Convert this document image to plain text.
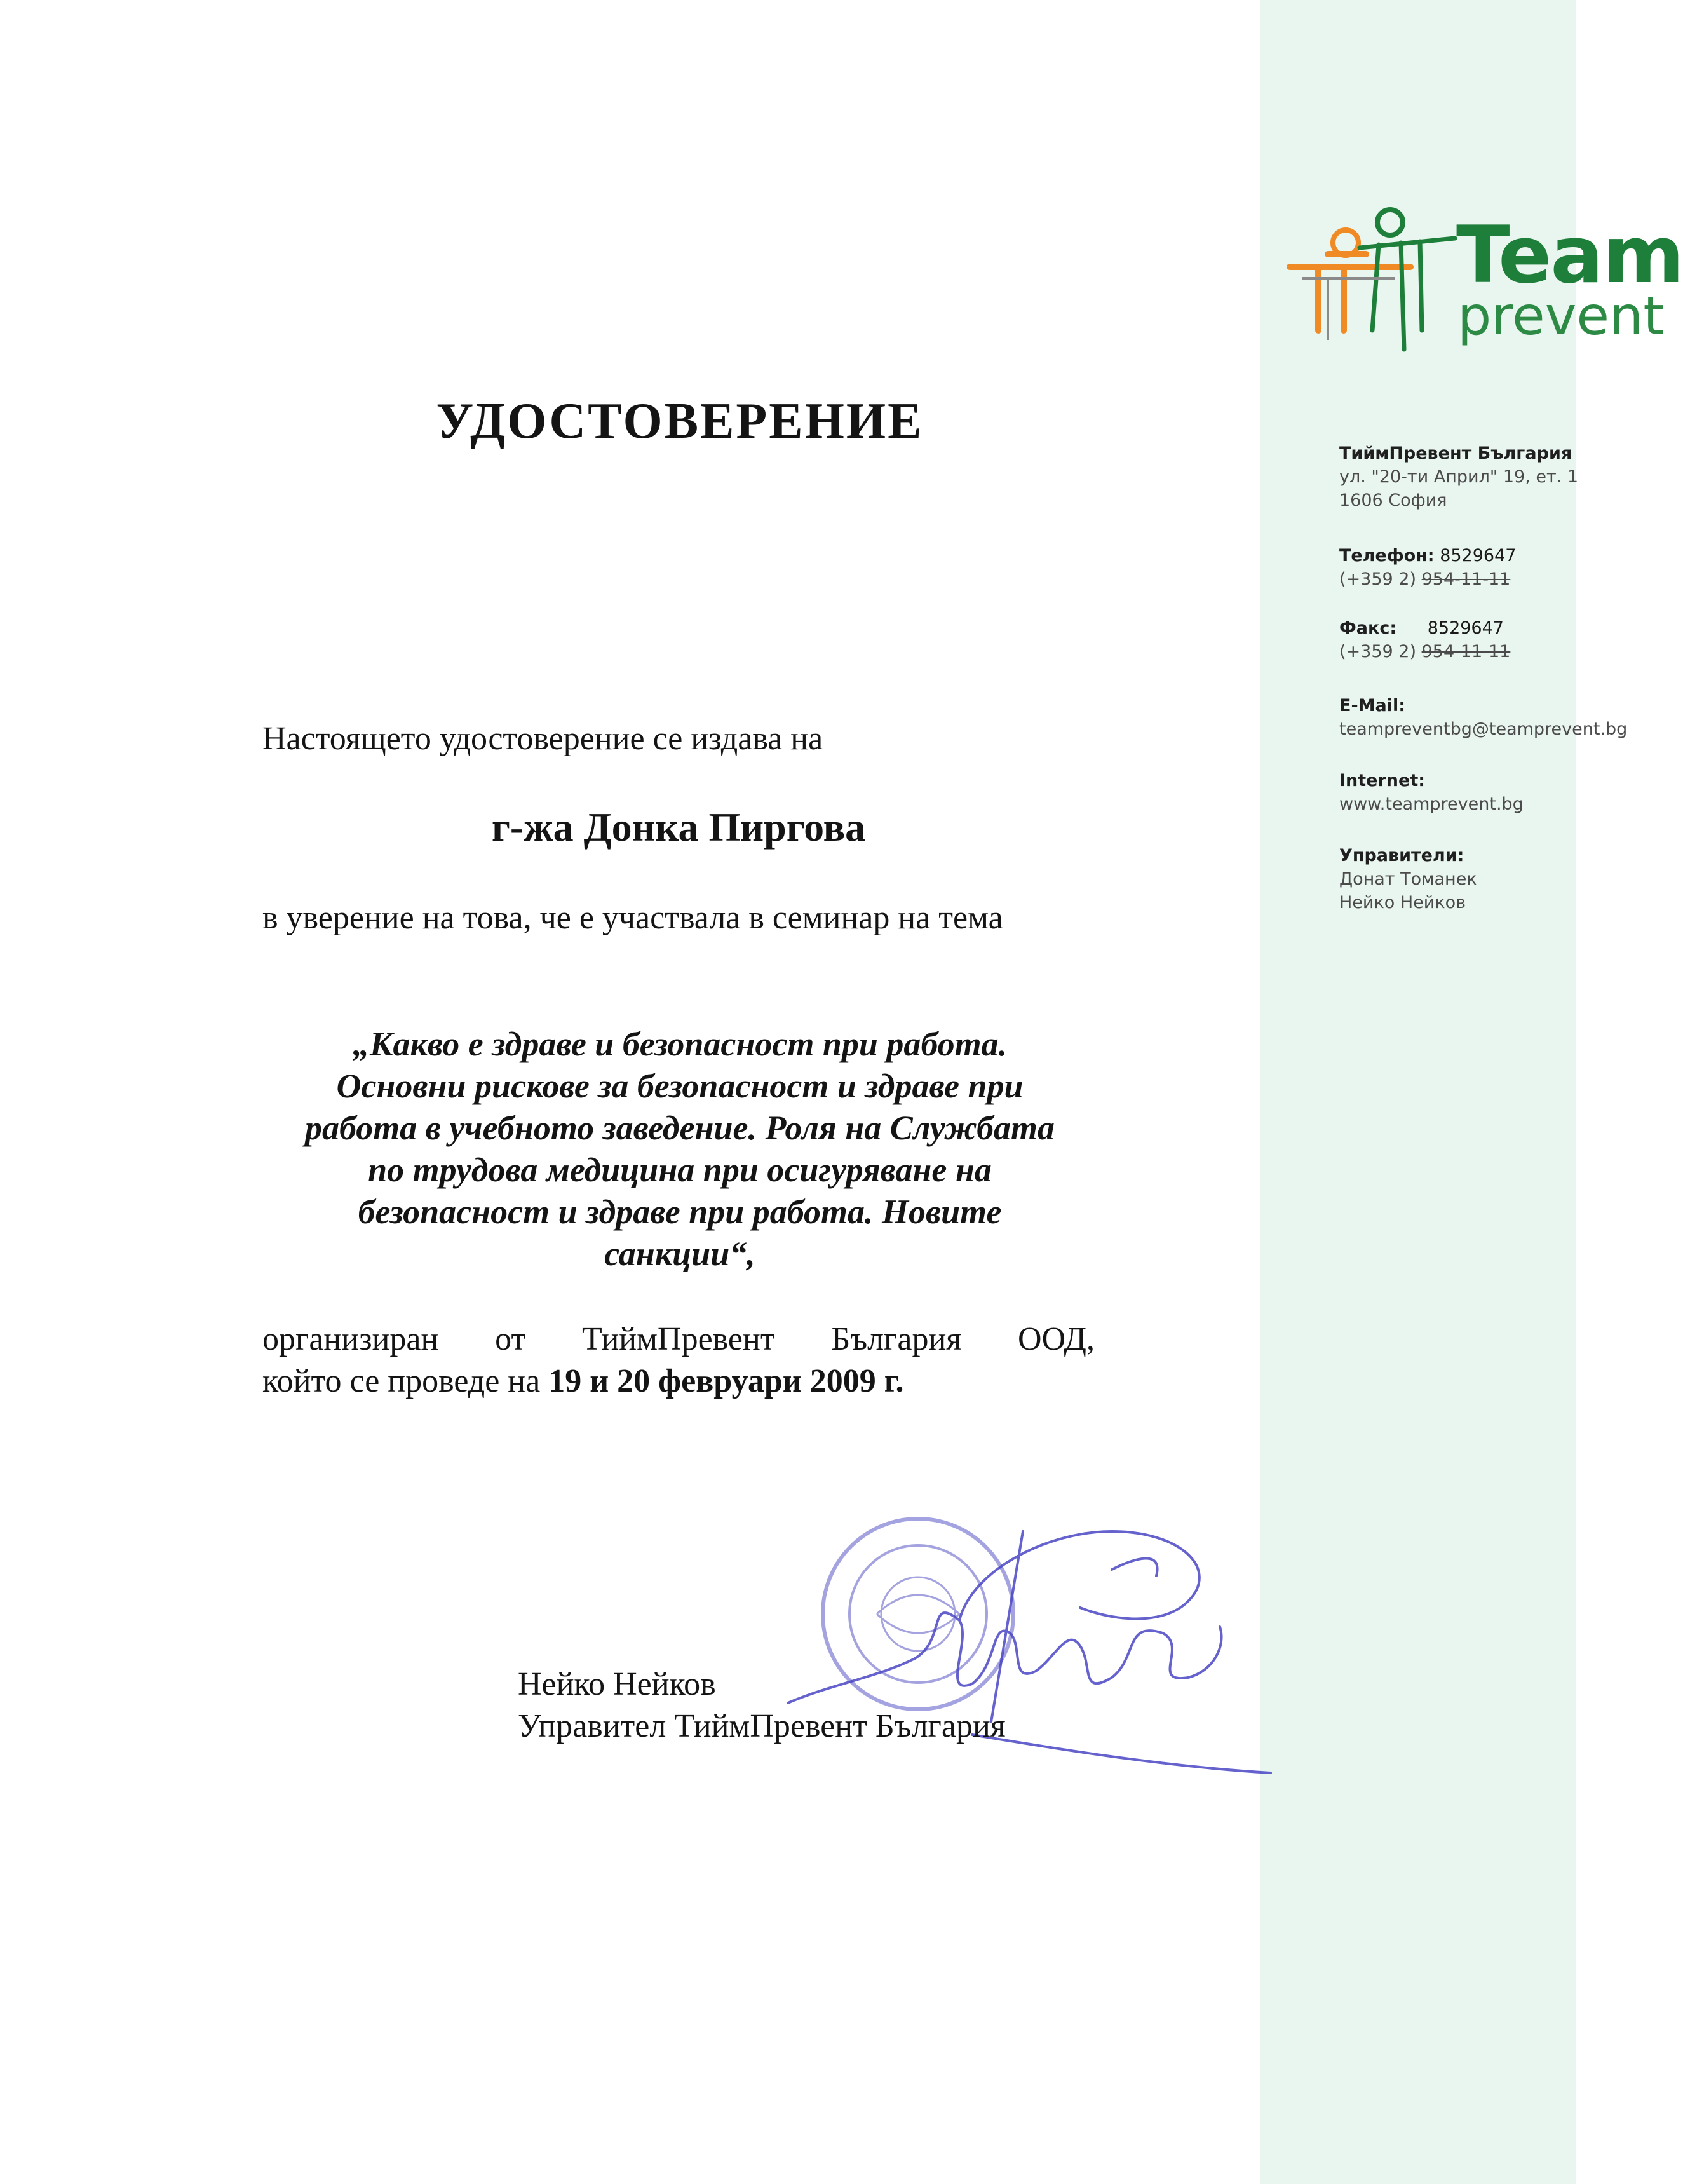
Team
prevent
ТиймПревент България
ул. "20-ти Април" 19, ет. 1
1606 София
Телефон: 8529647
(+359 2) 954-11-11
Факс: 8529647
(+359 2) 954-11-11
E-Mail:
teampreventbg@teamprevent.bg
Internet:
www.teamprevent.bg
Управители:
Донат Томанек
Нейко Нейков
УДОСТОВЕРЕНИЕ
Настоящето удостоверение се издава на
г-жа Донка Пиргова
в уверение на това, че е участвала в семинар на тема
„Какво е здраве и безопасност при работа.
Основни рискове за безопасност и здраве при
работа в учебното заведение. Роля на Службата
по трудова медицина при осигуряване на
безопасност и здраве при работа. Новите
санкции“,
организиран от ТиймПревент България ООД,
който се проведе на 19 и 20 февруари 2009 г.
Нейко Нейков
Управител ТиймПревент България
